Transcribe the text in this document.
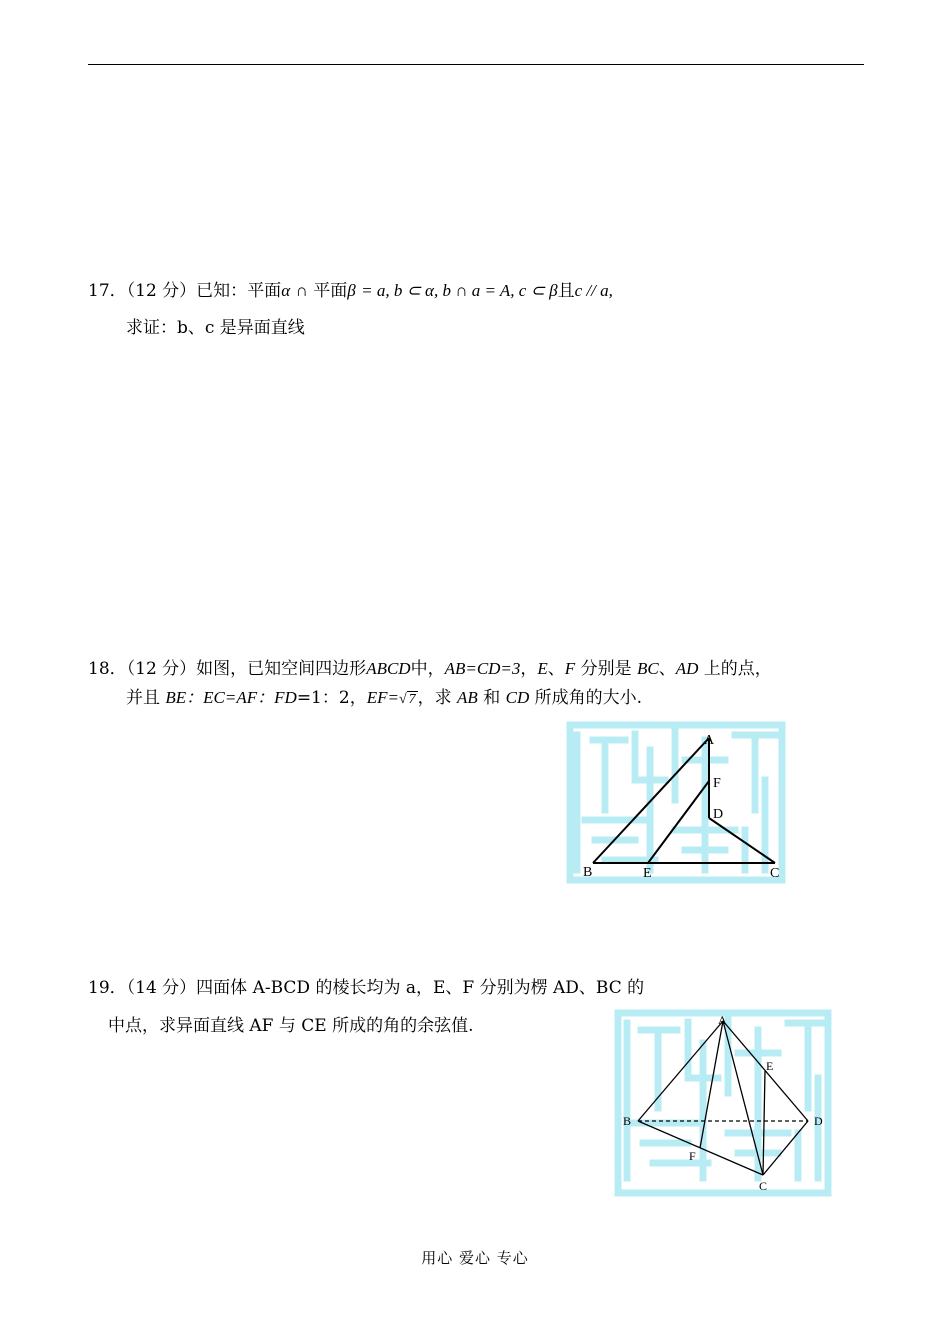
17．（12 分）已知：平面α ∩ 平面β = a, b ⊂ α, b ∩ a = A, c ⊂ β且c // a,
求证：b、c 是异面直线
18．（12 分）如图，已知空间四边形ABCD中，AB=CD=3，E、F 分别是 BC、AD 上的点，
并且 BE：EC=AF：FD=1：2，EF=√ 7 ，求 AB 和 CD 所成角的大小.
A
B	C
D
E
F
19．（14 分）四面体 A-BCD 的棱长均为 a，E、F 分别为楞 AD、BC 的
中点，求异面直线 AF 与 CE 所成的角的余弦值.	A
B
C
D
E
F
用心 爱心 专心
